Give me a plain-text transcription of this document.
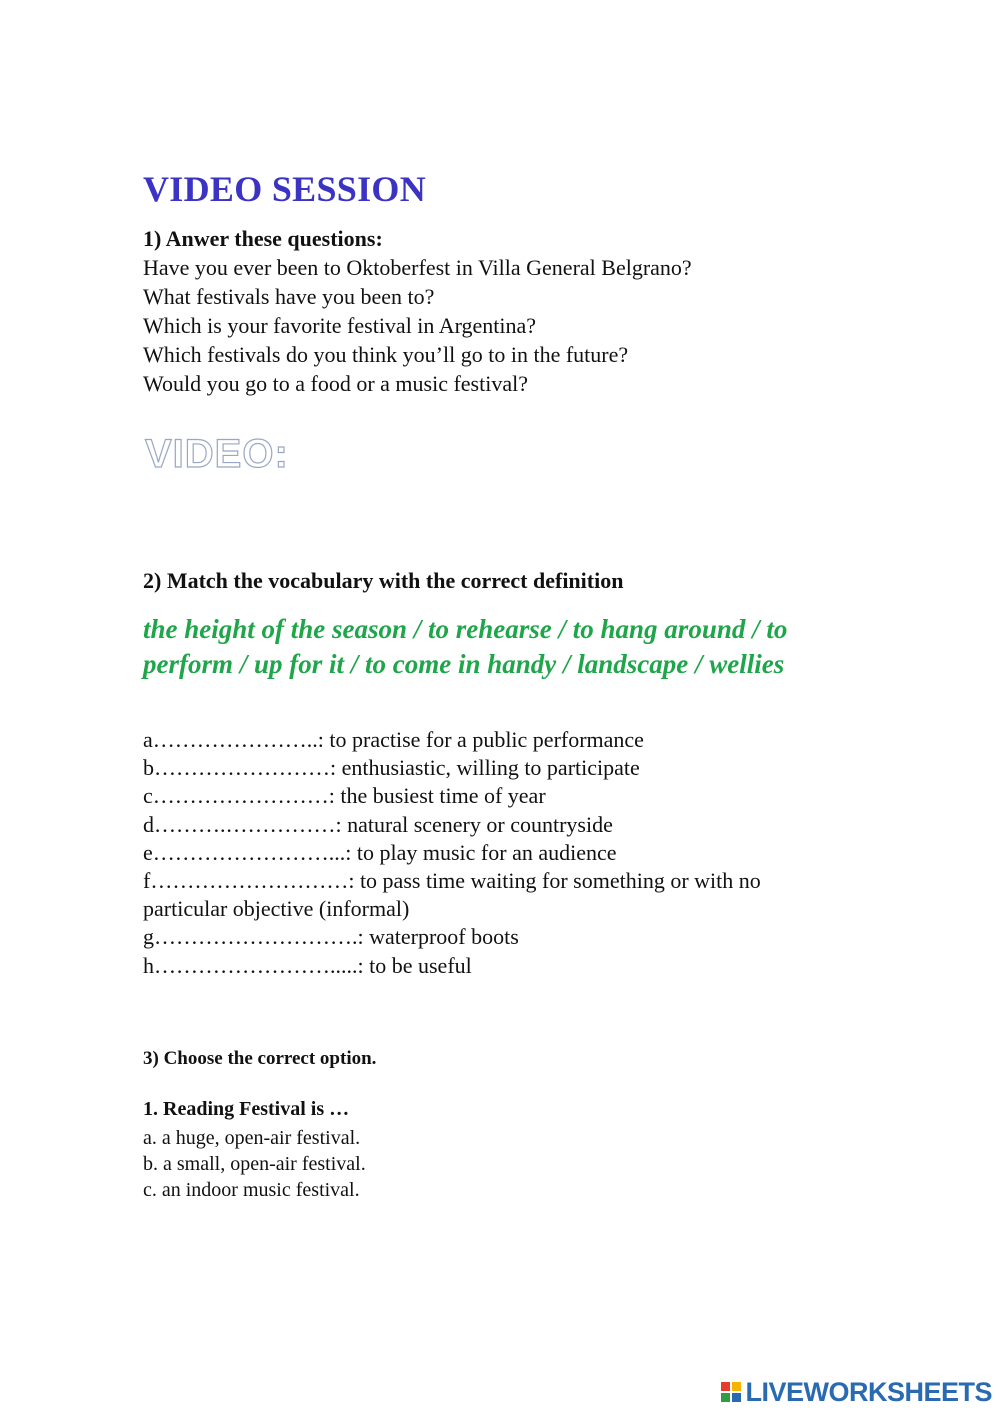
VIDEO SESSION
1) Anwer these questions:
Have you ever been to Oktoberfest in Villa General Belgrano?
What festivals have you been to?
Which is your favorite festival in Argentina?
Which festivals do you think you’ll go to in the future?
Would you go to a food or a music festival?
VIDEO:
2) Match the vocabulary with the correct definition

the height of the season / to rehearse / to hang around / to perform / up for it / to come in handy / landscape / wellies

a…………………..: to practise for a public performance
b……………………: enthusiastic, willing to participate
c……………………: the busiest time of year
d……….……………: natural scenery or countryside
e……………………...: to play music for an audience
f………………………: to pass time waiting for something or with no particular objective (informal)
g……………………….: waterproof boots
h…………………….....: to be useful
3) Choose the correct option.

1. Reading Festival is …

a. a huge, open-air festival.
b. a small, open-air festival.
c. an indoor music festival.
LIVEWORKSHEETS
